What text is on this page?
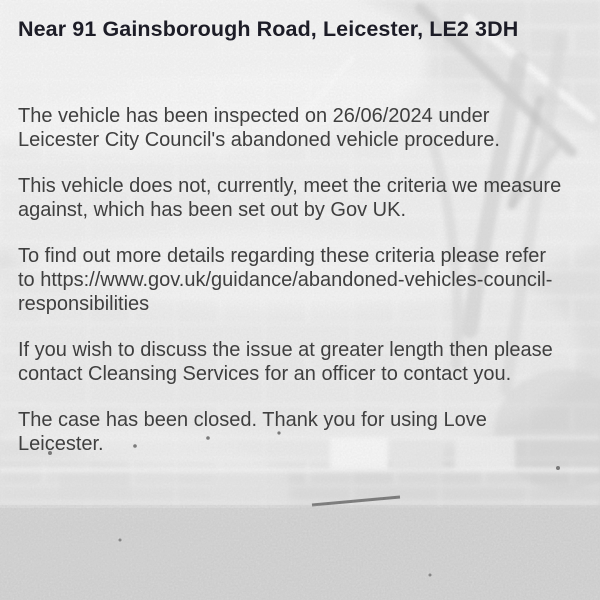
Near 91 Gainsborough Road, Leicester, LE2 3DH

The vehicle has been inspected on 26/06/2024 under Leicester City Council's abandoned vehicle procedure.

This vehicle does not, currently, meet the criteria we measure against, which has been set out by Gov UK.

To find out more details regarding these criteria please refer to https://www.gov.uk/guidance/abandoned-vehicles-council-responsibilities

If you wish to discuss the issue at greater length then please contact Cleansing Services for an officer to contact you.

The case has been closed. Thank you for using Love Leicester.
